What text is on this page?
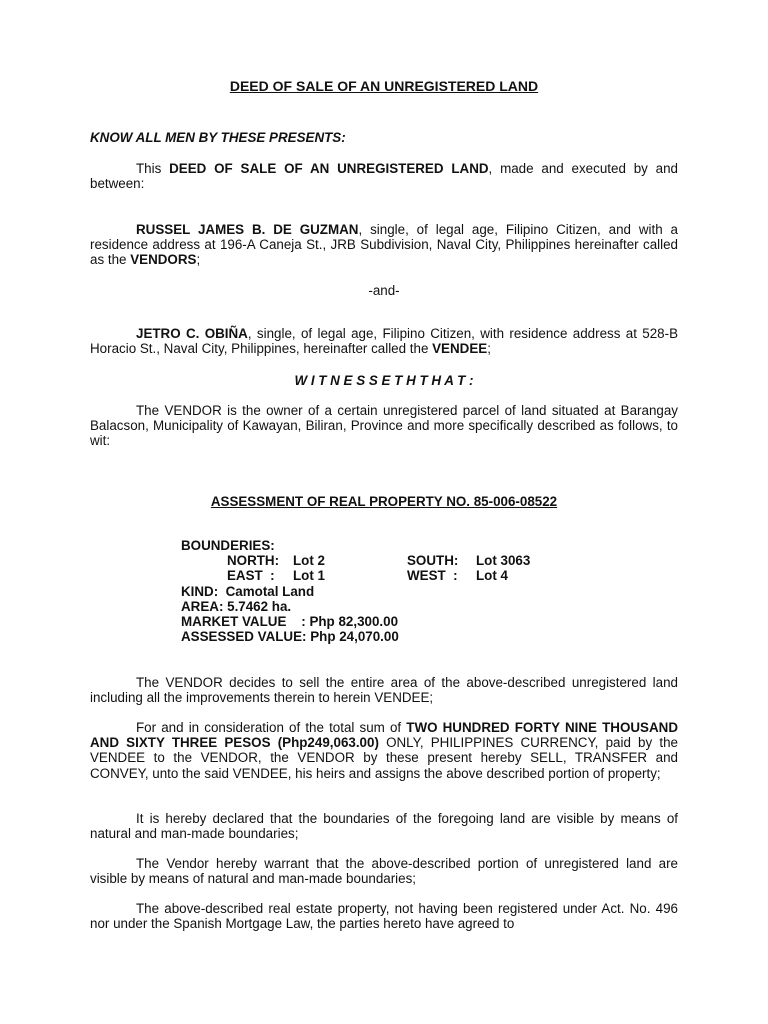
DEED OF SALE OF AN UNREGISTERED LAND
KNOW ALL MEN BY THESE PRESENTS:
This DEED OF SALE OF AN UNREGISTERED LAND, made and executed by and between:
RUSSEL JAMES B. DE GUZMAN, single, of legal age, Filipino Citizen, and with a residence address at 196-A Caneja St., JRB Subdivision, Naval City, Philippines hereinafter called as the VENDORS;
-and-
JETRO C. OBIÑA, single, of legal age, Filipino Citizen, with residence address at 528-B Horacio St., Naval City, Philippines, hereinafter called the VENDEE;
W I T N E S S E T H T H A T :
The VENDOR is the owner of a certain unregistered parcel of land situated at Barangay Balacson, Municipality of Kawayan, Biliran, Province and more specifically described as follows, to wit:
ASSESSMENT OF REAL PROPERTY NO. 85-006-08522
BOUNDERIES:
NORTH: Lot 2	SOUTH: Lot 3063
EAST  : Lot 1	WEST  : Lot 4
KIND:  Camotal Land
AREA: 5.7462 ha.
MARKET VALUE    : Php 82,300.00
ASSESSED VALUE: Php 24,070.00
The VENDOR decides to sell the entire area of the above-described unregistered land including all the improvements therein to herein VENDEE;
For and in consideration of the total sum of TWO HUNDRED FORTY NINE THOUSAND AND SIXTY THREE PESOS (Php249,063.00) ONLY, PHILIPPINES CURRENCY, paid by the VENDEE to the VENDOR, the VENDOR by these present hereby SELL, TRANSFER and CONVEY, unto the said VENDEE, his heirs and assigns the above described portion of property;
It is hereby declared that the boundaries of the foregoing land are visible by means of natural and man-made boundaries;
The Vendor hereby warrant that the above-described portion of unregistered land are visible by means of natural and man-made boundaries;
The above-described real estate property, not having been registered under Act. No. 496 nor under the Spanish Mortgage Law, the parties hereto have agreed to
